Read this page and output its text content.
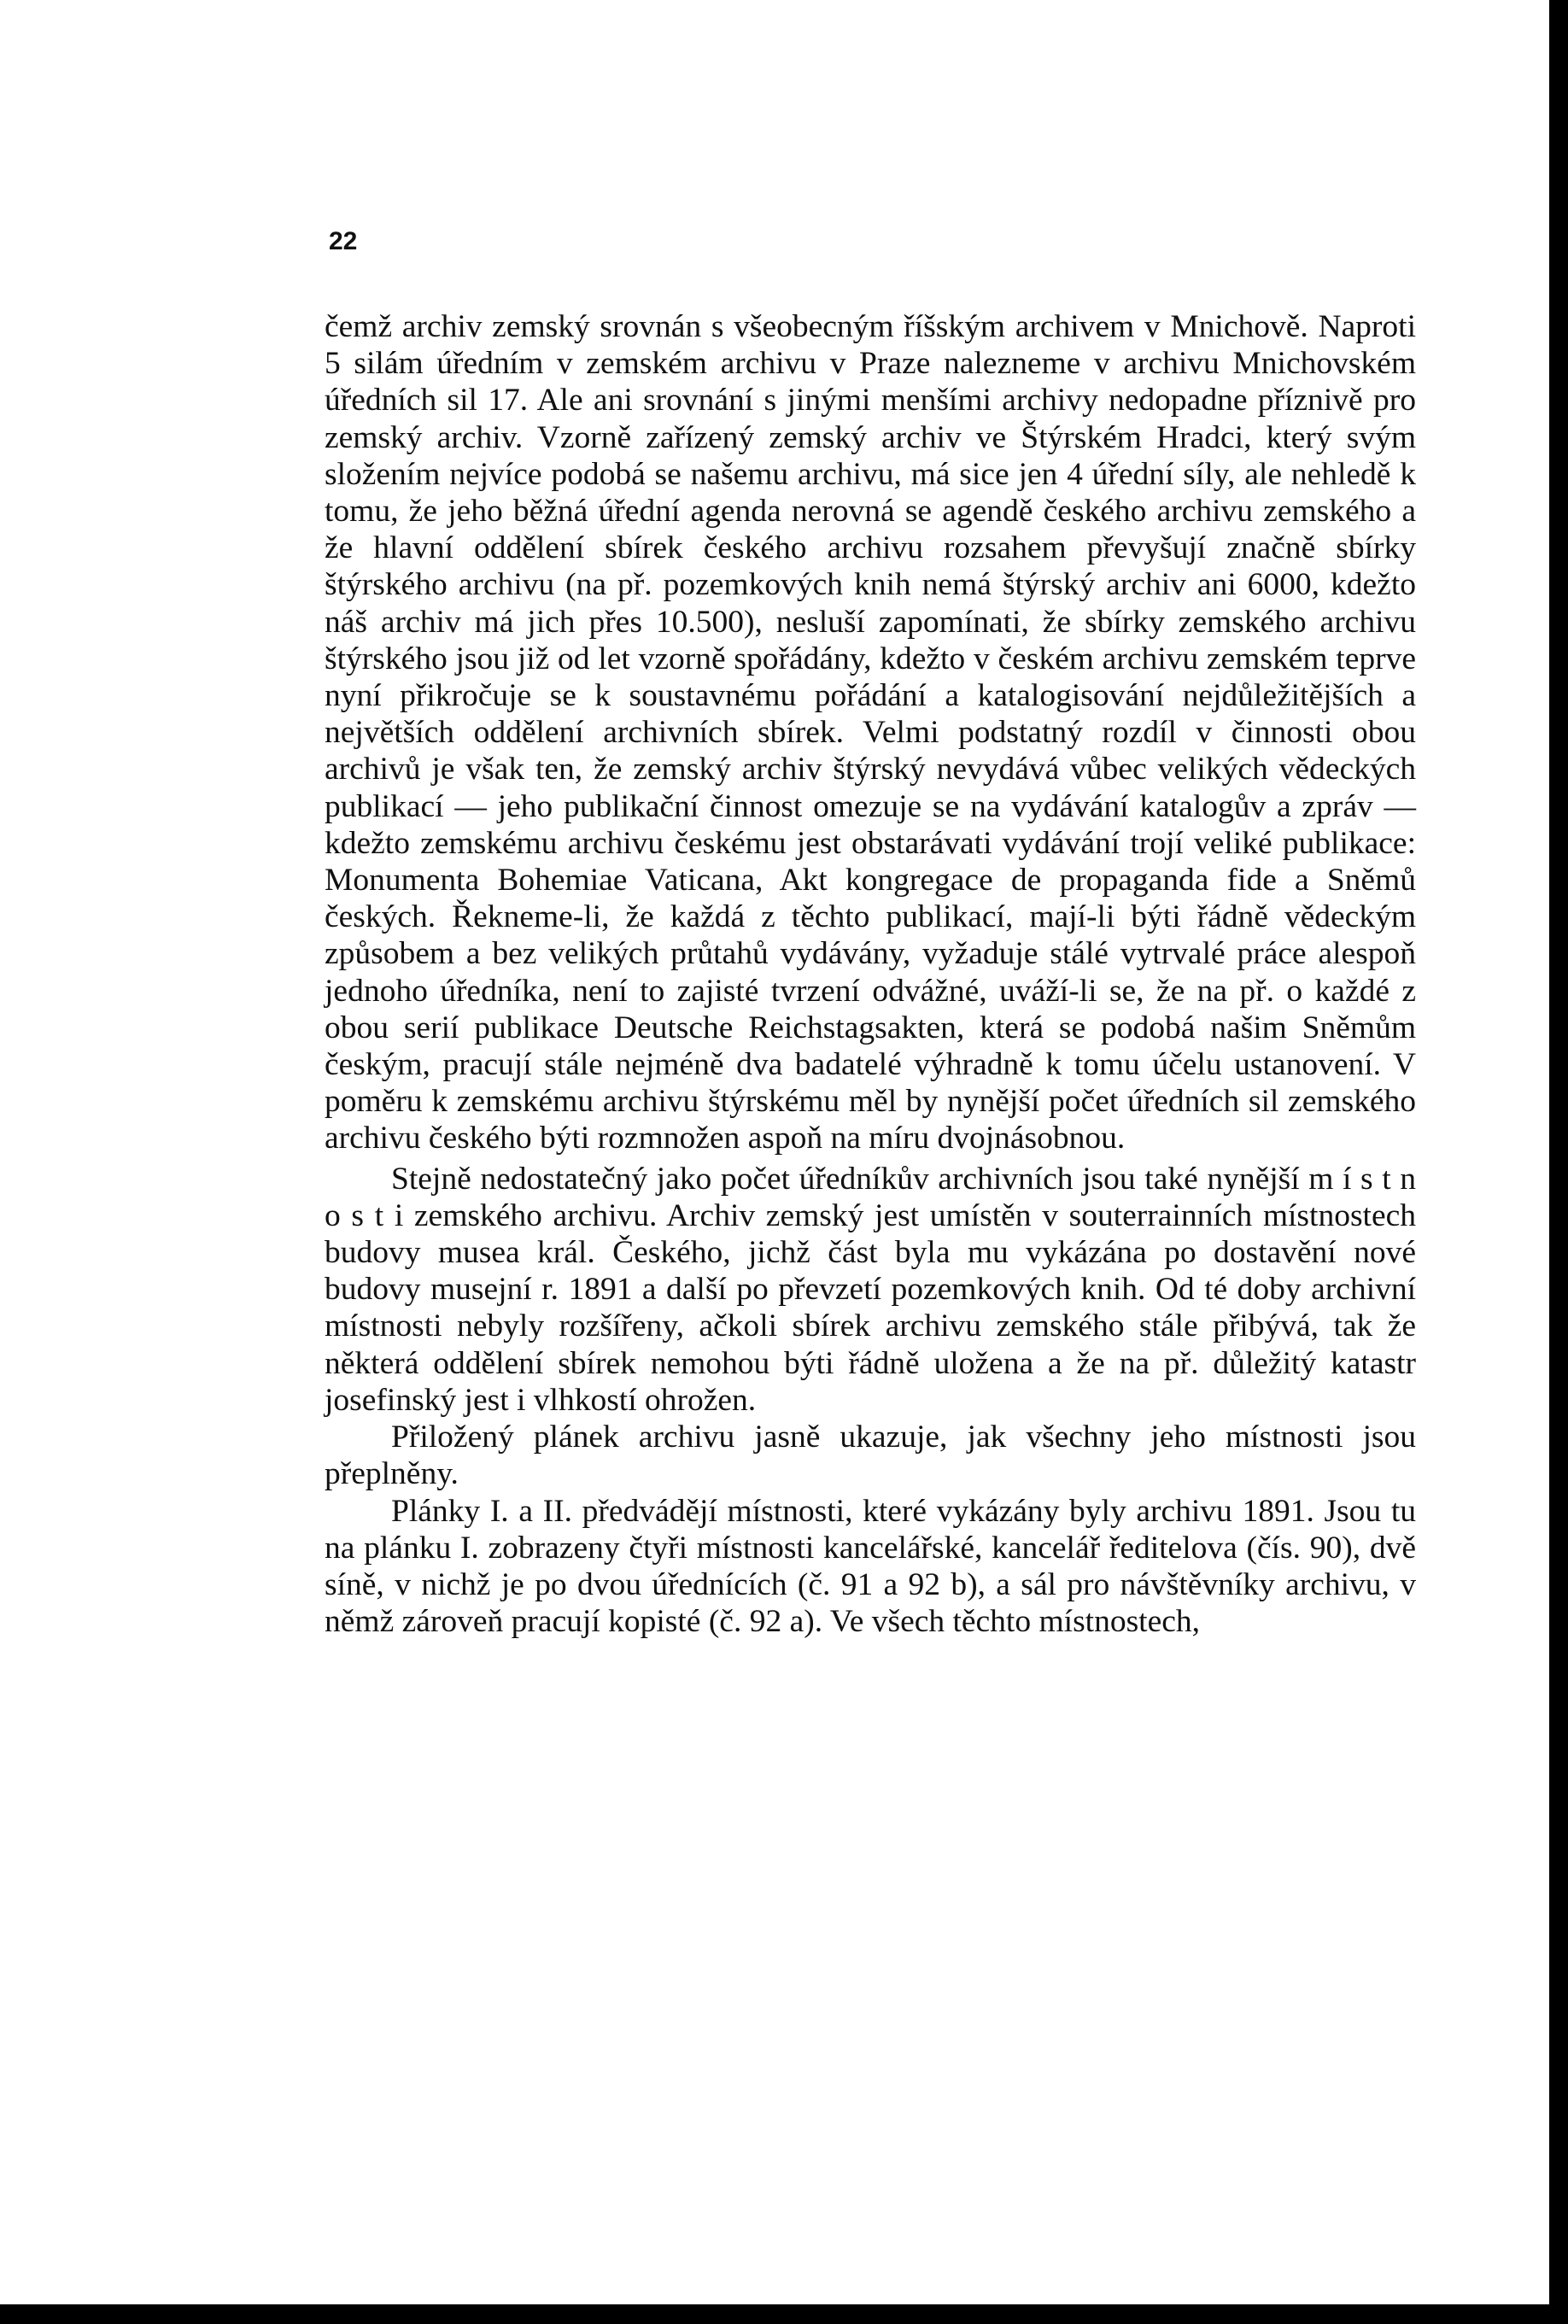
22

čemž archiv zemský srovnán s všeobecným říšským archivem v Mnichově. Naproti 5 silám úředním v zemském archivu v Praze nalezneme v archivu Mnichovském úředních sil 17. Ale ani srovnání s jinými menšími archivy nedopadne příznivě pro zemský archiv. Vzorně zařízený zemský archiv ve Štýrském Hradci, který svým složením nejvíce podobá se našemu archivu, má sice jen 4 úřední síly, ale nehledě k tomu, že jeho běžná úřední agenda nerovná se agendě českého archivu zemského a že hlavní oddělení sbírek českého archivu rozsahem převyšují značně sbírky štýrského archivu (na př. pozemkových knih nemá štýrský archiv ani 6000, kdežto náš archiv má jich přes 10.500), nesluší zapomínati, že sbírky zemského archivu štýrského jsou již od let vzorně spořádány, kdežto v českém archivu zemském teprve nyní přikročuje se k soustavnému pořádání a katalogisování nejdůležitějších a největších oddělení archivních sbírek. Velmi podstatný rozdíl v činnosti obou archivů je však ten, že zemský archiv štýrský nevydává vůbec velikých vědeckých publikací — jeho publikační činnost omezuje se na vydávání katalogův a zpráv — kdežto zemskému archivu českému jest obstarávati vydávání trojí veliké publikace: Monumenta Bohemiae Vaticana, Akt kongregace de propaganda fide a Sněmů českých. Řekneme-li, že každá z těchto publikací, mají-li býti řádně vědeckým způsobem a bez velikých průtahů vydávány, vyžaduje stálé vytrvalé práce alespoň jednoho úředníka, není to zajisté tvrzení odvážné, uváží-li se, že na př. o každé z obou serií publikace Deutsche Reichstagsakten, která se podobá našim Sněmům českým, pracují stále nejméně dva badatelé výhradně k tomu účelu ustanovení. V poměru k zemskému archivu štýrskému měl by nynější počet úředních sil zemského archivu českého býti rozmnožen aspoň na míru dvojnásobnou.

Stejně nedostatečný jako počet úředníkův archivních jsou také nynější m í s t n o s t i zemského archivu. Archiv zemský jest umístěn v souterrainních místnostech budovy musea král. Českého, jichž část byla mu vykázána po dostavění nové budovy musejní r. 1891 a další po převzetí pozemkových knih. Od té doby archivní místnosti nebyly rozšířeny, ačkoli sbírek archivu zemského stále přibývá, tak že některá oddělení sbírek nemohou býti řádně uložena a že na př. důležitý katastr josefinský jest i vlhkostí ohrožen.

Přiložený plánek archivu jasně ukazuje, jak všechny jeho místnosti jsou přeplněny.

Plánky I. a II. předvádějí místnosti, které vykázány byly archivu 1891. Jsou tu na plánku I. zobrazeny čtyři místnosti kancelářské, kancelář ředitelova (čís. 90), dvě síně, v nichž je po dvou úřednících (č. 91 a 92 b), a sál pro návštěvníky archivu, v němž zároveň pracují kopisté (č. 92 a). Ve všech těchto místnostech,
